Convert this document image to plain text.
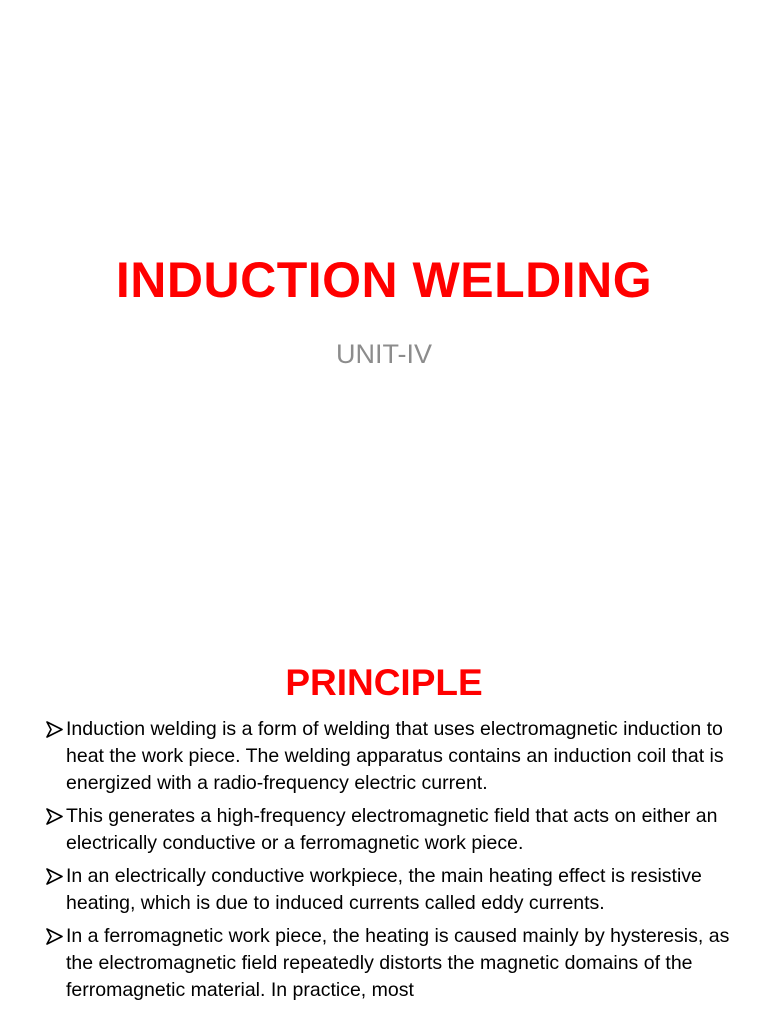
INDUCTION WELDING
UNIT-IV
PRINCIPLE
Induction welding is a form of welding that uses electromagnetic induction to heat the work piece. The welding apparatus contains an induction coil that is energized with a radio-frequency electric current.
This generates a high-frequency electromagnetic field that acts on either an electrically conductive or a ferromagnetic work piece.
In an electrically conductive workpiece, the main heating effect is resistive heating, which is due to induced currents called eddy currents.
In a ferromagnetic work piece, the heating is caused mainly by hysteresis, as the electromagnetic field repeatedly distorts the magnetic domains of the ferromagnetic material. In practice, most
